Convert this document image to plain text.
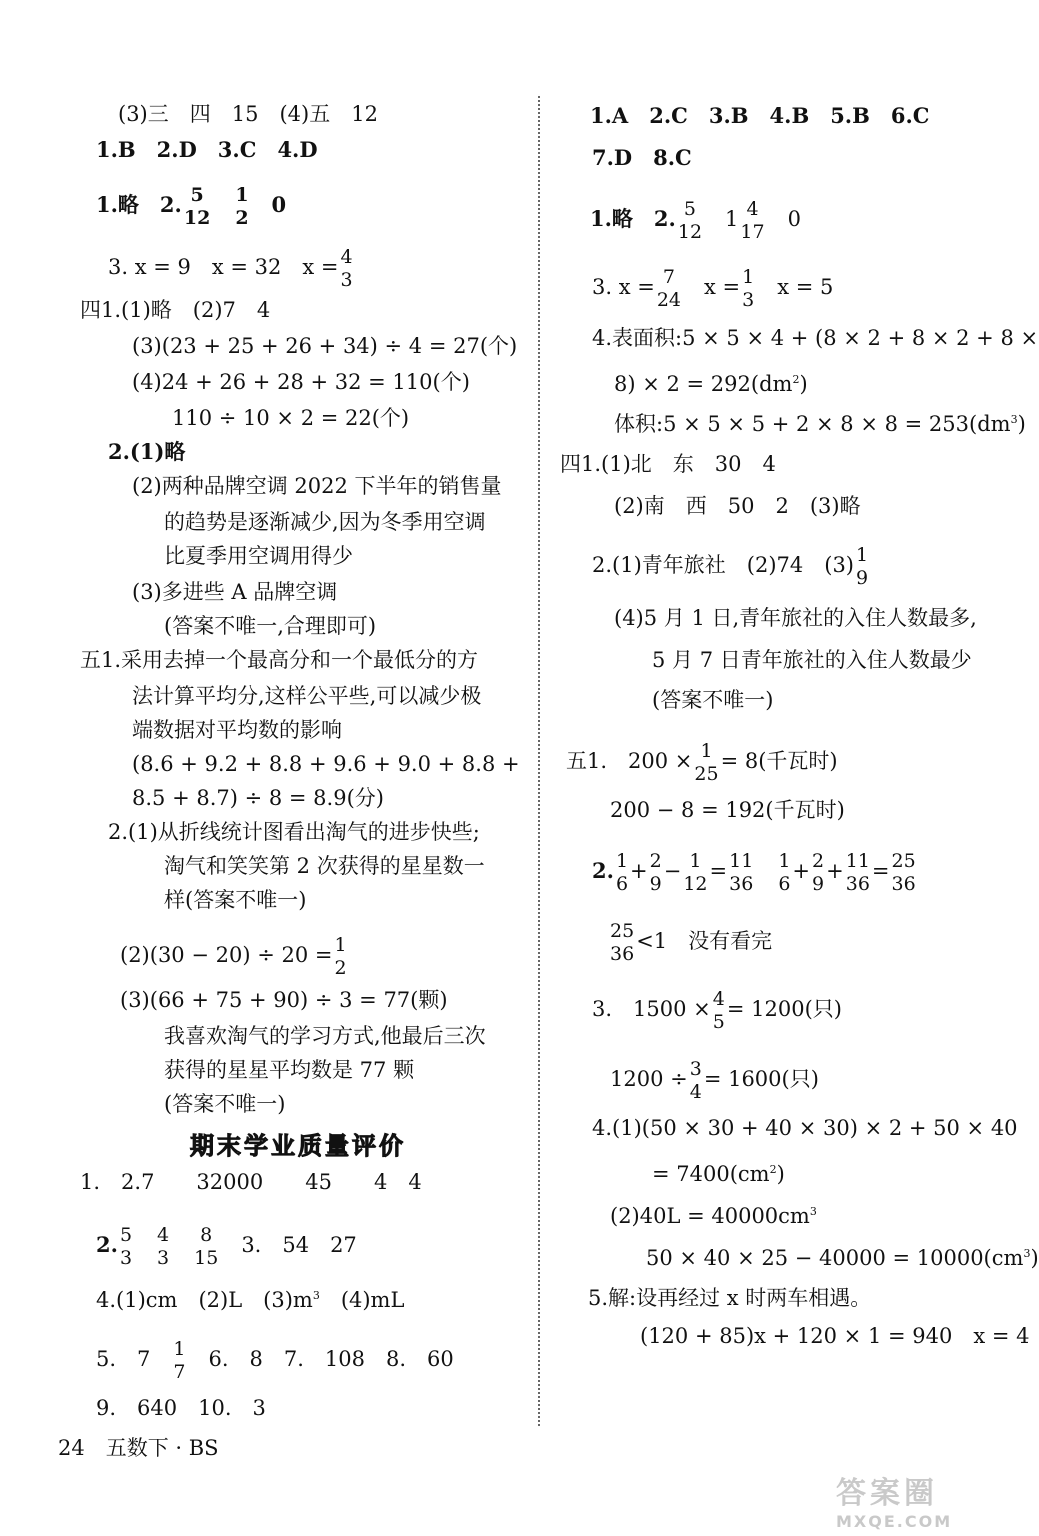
(3)三　四　15　(4)五　12
1.B　2.D　3.C　4.D
1.略　2. 5
12

1
2
　0
3. x = 9　x = 32　x = 4
3
四1.(1)略　(2)7　4
(3)(23 + 25 + 26 + 34) ÷ 4 = 27(个)
(4)24 + 26 + 28 + 32 = 110(个)
110 ÷ 10 × 2 = 22(个)
2.(1)略
(2)两种品牌空调 2022 下半年的销售量
的趋势是逐渐减少,因为冬季用空调
比夏季用空调用得少
(3)多进些 A 品牌空调
(答案不唯一,合理即可)
五1.采用去掉一个最高分和一个最低分的方
法计算平均分,这样公平些,可以减少极
端数据对平均数的影响
(8.6 + 9.2 + 8.8 + 9.6 + 9.0 + 8.8 +
8.5 + 8.7) ÷ 8 = 8.9(分)
2.(1)从折线统计图看出淘气的进步快些;
淘气和笑笑第 2 次获得的星星数一
样(答案不唯一)
(2)(30 − 20) ÷ 20 = 1
2
(3)(66 + 75 + 90) ÷ 3 = 77(颗)
我喜欢淘气的学习方式,他最后三次
获得的星星平均数是 77 颗
(答案不唯一)
期末学业质量评价
1.　2.7　　32000　　45　　4　4
2. 5
3

4
3

8
15
　3.　54　27
4.(1)cm　(2)L　$(3)m^3$　 (4)mL
5.　7　 1
7
　6.　8　7.　108　8.　60
9.　640　10.　3
1.A　2.C　3.B　4.B　5.B　6.C
7.D　8.C
1.略　2. 5
12
　1 4
17
　0
3. x = 7
24
　x = 1
3
　x = 5
4.表面积:5 × 5 × 4 + (8 × 2 + 8 × 2 + 8 ×
$8) \times 2 = 292(dm^2)$
体积:5 × $5 \times 5 + 2 \times 8 \times 8 = 253(dm^3)$
四1.(1)北　东　30　4
(2)南　西　50　2　(3)略
2.(1)青年旅社　(2)74　(3) 1
9
(4)5 月 1 日,青年旅社的入住人数最多,
5 月 7 日青年旅社的入住人数最少
(答案不唯一)
五1.　200 × 1
25
= 8(千瓦时)
200 − 8 = 192(千瓦时)
2. 1
6
+ 2
9
− 1
12
= 11
36

1
6
+ 2
9
+ 11
36
= 25
36
25
36
<1　没有看完
3.　1500 × 4
5
= 1200(只)
1200 ÷ 3
4
= 1600(只)
4.(1)(50 × 30 + 40 × 30) × 2 + 50 × 40
= $7400(cm^2)$
$(2)40L = 40000cm^3$
$50 \times 40 \times 25 - 40000 = 10000(cm^3)$
5.解:设再经过 x 时两车相遇。
(120 + 85)x + 120 × 1 = 940　x = 4
24　五数下 · BS
答案圈
MXQE.COM
